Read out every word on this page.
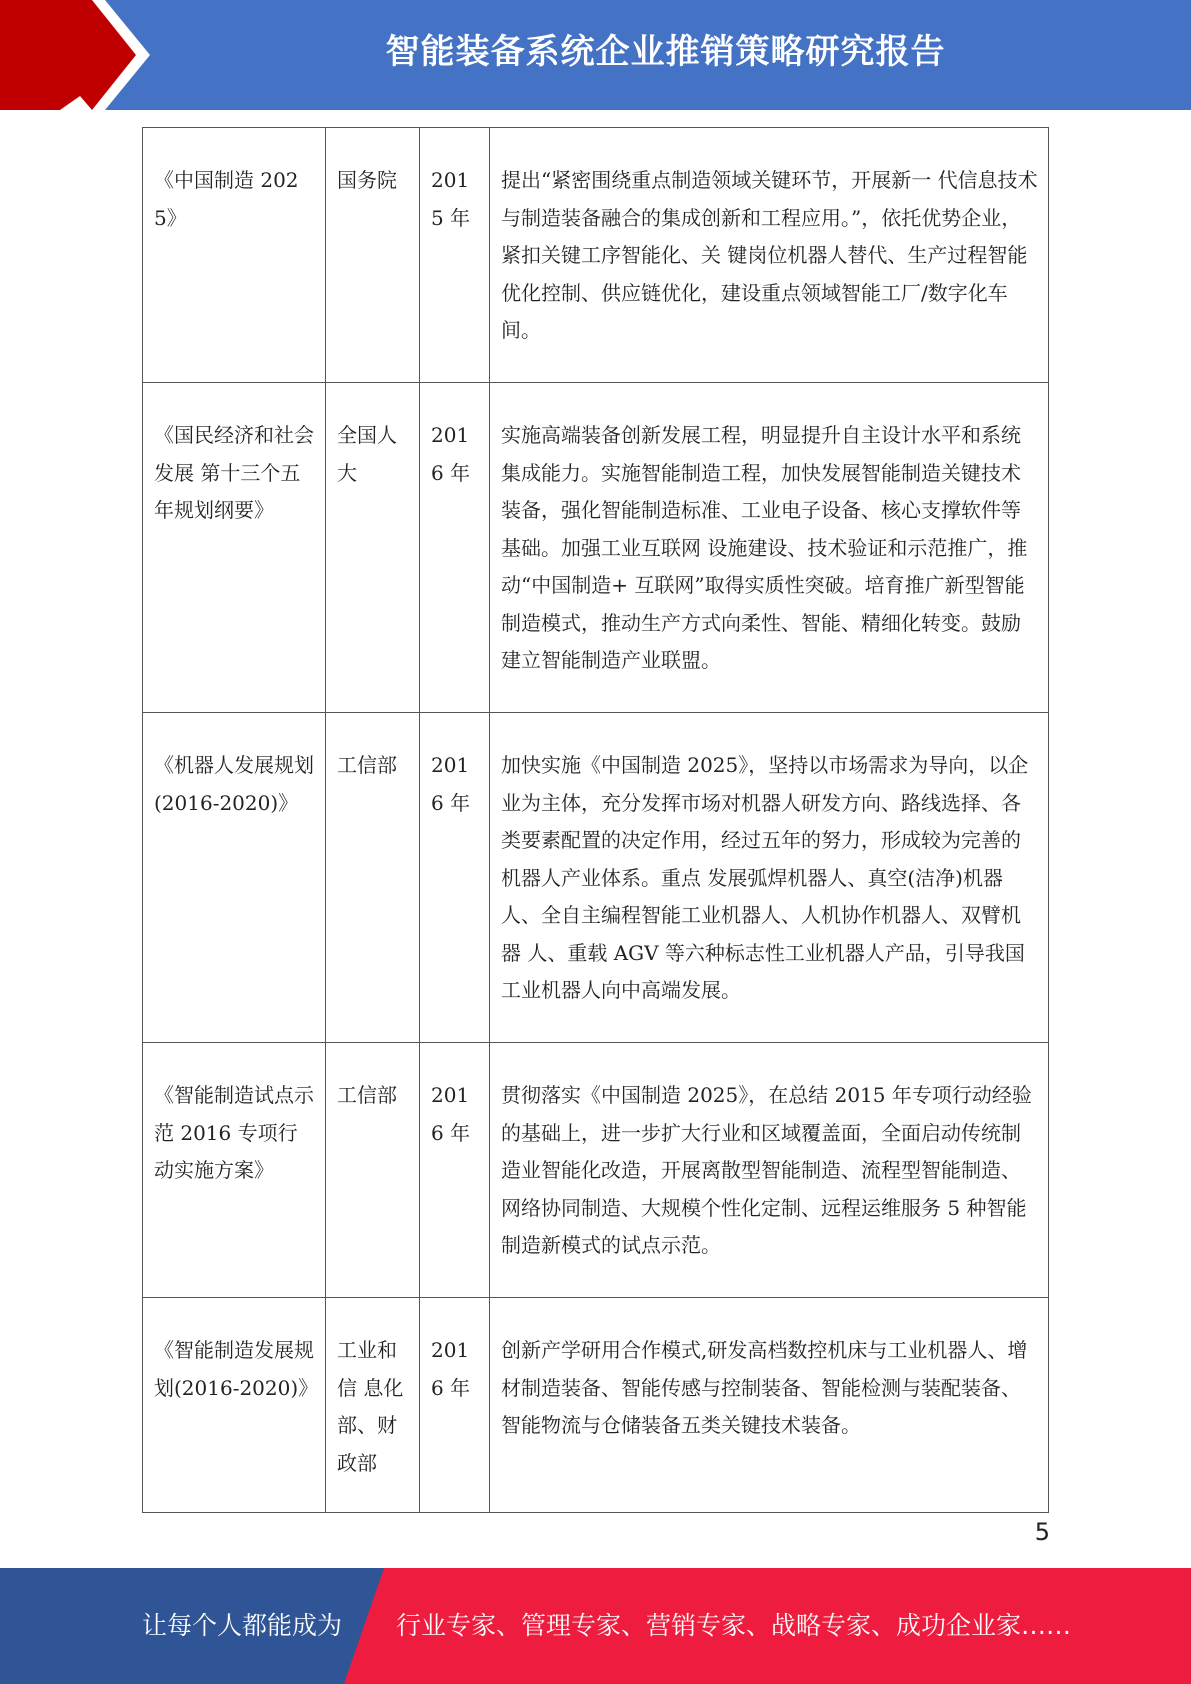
智能装备系统企业推销策略研究报告
《中国制造 2025》	国务院	2015 年	提出“紧密围绕重点制造领域关键环节，开展新一 代信息技术与制造装备融合的集成创新和工程应用。”，依托优势企业，紧扣关键工序智能化、关 键岗位机器人替代、生产过程智能优化控制、供应链优化，建设重点领域智能工厂/数字化车间。
《国民经济和社会发展 第十三个五年规划纲要》	全国人大	2016 年	实施高端装备创新发展工程，明显提升自主设计水平和系统集成能力。实施智能制造工程，加快发展智能制造关键技术装备，强化智能制造标准、工业电子设备、核心支撑软件等基础。加强工业互联网 设施建设、技术验证和示范推广，推动“中国制造+ 互联网”取得实质性突破。培育推广新型智能制造模式，推动生产方式向柔性、智能、精细化转变。鼓励建立智能制造产业联盟。
《机器人发展规划(2016-2020)》	工信部	2016 年	加快实施《中国制造 2025》，坚持以市场需求为导向，以企业为主体，充分发挥市场对机器人研发方向、路线选择、各类要素配置的决定作用，经过五年的努力，形成较为完善的机器人产业体系。重点 发展弧焊机器人、真空(洁净)机器人、全自主编程智能工业机器人、人机协作机器人、双臂机器 人、重载 AGV 等六种标志性工业机器人产品，引导我国工业机器人向中高端发展。
《智能制造试点示范 2016 专项行动实施方案》	工信部	2016 年	贯彻落实《中国制造 2025》，在总结 2015 年专项行动经验的基础上，进一步扩大行业和区域覆盖面，全面启动传统制造业智能化改造，开展离散型智能制造、流程型智能制造、网络协同制造、大规模个性化定制、远程运维服务 5 种智能制造新模式的试点示范。
《智能制造发展规划(2016-2020)》	工业和信 息化部、财政部	2016 年	创新产学研用合作模式,研发高档数控机床与工业机器人、增材制造装备、智能传感与控制装备、智能检测与装配装备、智能物流与仓储装备五类关键技术装备。
5
让每个人都能成为 行业专家、管理专家、营销专家、战略专家、成功企业家……
